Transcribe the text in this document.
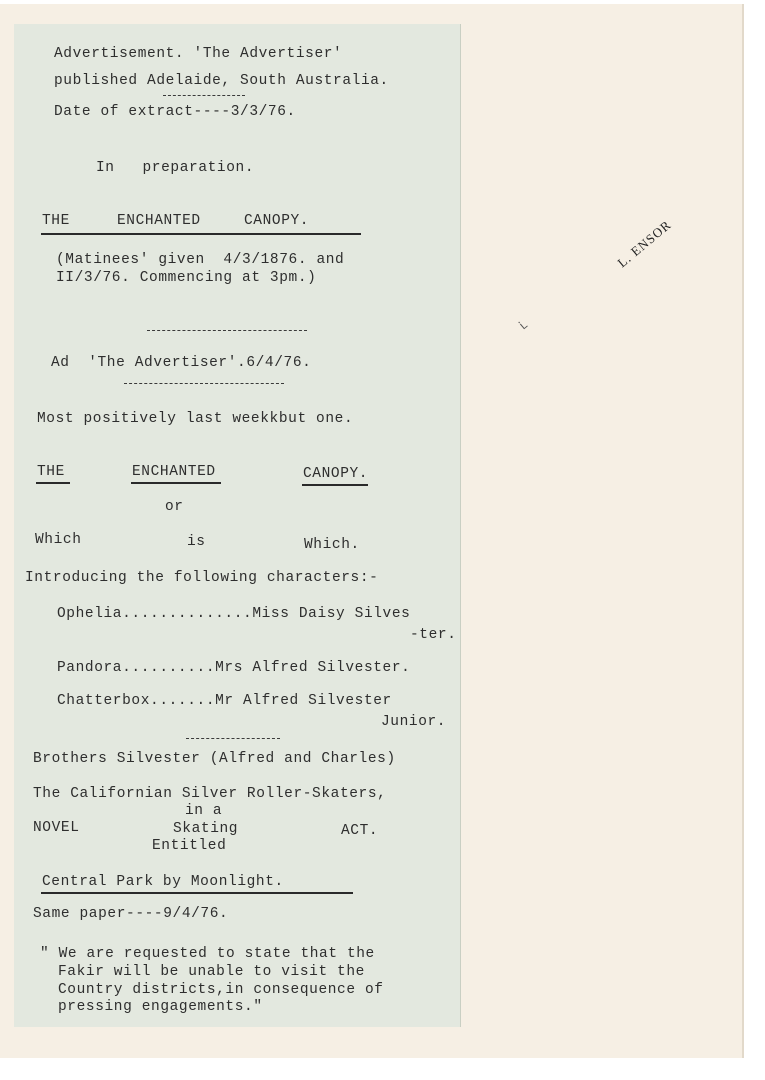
L. ENSOR
ʟ̇
Advertisement. 'The Advertiser'
published Adelaide, South Australia.
Date of extract----3/3/76.
In   preparation.
THE	ENCHANTED	CANOPY.
(Matinees' given  4/3/1876. and
II/3/76. Commencing at 3pm.)
Ad  'The Advertiser'.6/4/76.
Most positively last weekkbut one.
THE	ENCHANTED	CANOPY.
or
Which	is	Which.
Introducing the following characters:-
Ophelia..............Miss Daisy Silves
-ter.
Pandora..........Mrs Alfred Silvester.
Chatterbox.......Mr Alfred Silvester
Junior.
Brothers Silvester (Alfred and Charles)
The Californian Silver Roller-Skaters,
in a
NOVEL	Skating	ACT.
Entitled
Central Park by Moonlight.
Same paper----9/4/76.
" We are requested to state that the
Fakir will be unable to visit the
Country districts,in consequence of
pressing engagements."
